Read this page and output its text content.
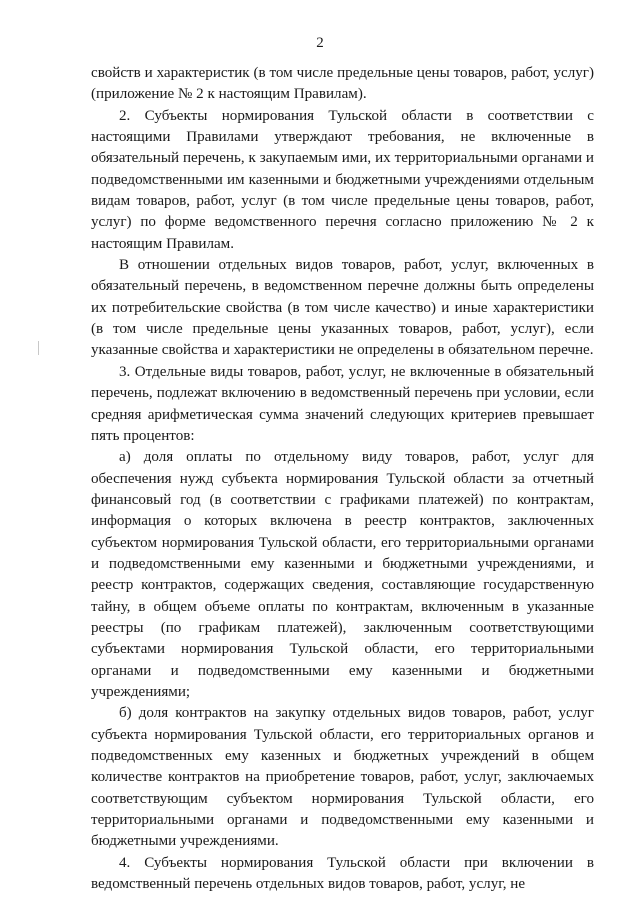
2

свойств и характеристик (в том числе предельные цены товаров, работ, услуг) (приложение № 2 к настоящим Правилам).

2. Субъекты нормирования Тульской области в соответствии с настоящими Правилами утверждают требования, не включенные в обязательный перечень, к закупаемым ими, их территориальными органами и подведомственными им казенными и бюджетными учреждениями отдельным видам товаров, работ, услуг (в том числе предельные цены товаров, работ, услуг) по форме ведомственного перечня согласно приложению № 2 к настоящим Правилам.

В отношении отдельных видов товаров, работ, услуг, включенных в обязательный перечень, в ведомственном перечне должны быть определены их потребительские свойства (в том числе качество) и иные характеристики (в том числе предельные цены указанных товаров, работ, услуг), если указанные свойства и характеристики не определены в обязательном перечне.

3. Отдельные виды товаров, работ, услуг, не включенные в обязательный перечень, подлежат включению в ведомственный перечень при условии, если средняя арифметическая сумма значений следующих критериев превышает пять процентов:

а) доля оплаты по отдельному виду товаров, работ, услуг для обеспечения нужд субъекта нормирования Тульской области за отчетный финансовый год (в соответствии с графиками платежей) по контрактам, информация о которых включена в реестр контрактов, заключенных субъектом нормирования Тульской области, его территориальными органами и подведомственными ему казенными и бюджетными учреждениями, и реестр контрактов, содержащих сведения, составляющие государственную тайну, в общем объеме оплаты по контрактам, включенным в указанные реестры (по графикам платежей), заключенным соответствующими субъектами нормирования Тульской области, его территориальными органами и подведомственными ему казенными и бюджетными учреждениями;

б) доля контрактов на закупку отдельных видов товаров, работ, услуг субъекта нормирования Тульской области, его территориальных органов и подведомственных ему казенных и бюджетных учреждений в общем количестве контрактов на приобретение товаров, работ, услуг, заключаемых соответствующим субъектом нормирования Тульской области, его территориальными органами и подведомственными ему казенными и бюджетными учреждениями.

4. Субъекты нормирования Тульской области при включении в ведомственный перечень отдельных видов товаров, работ, услуг, не
